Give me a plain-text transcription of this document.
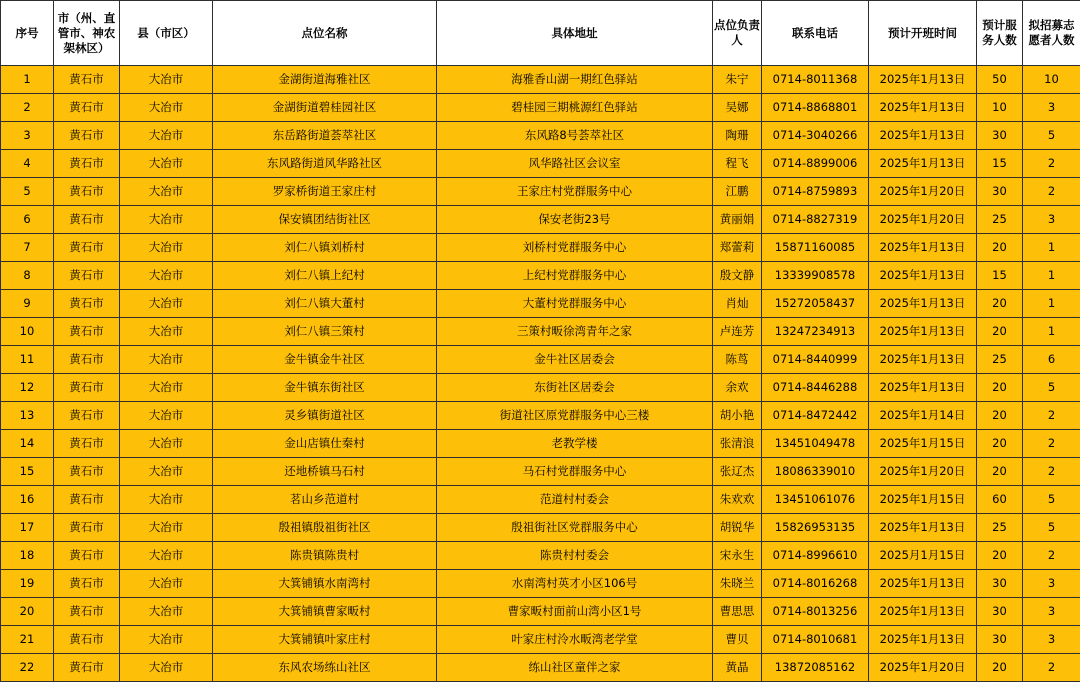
序号	市（州、直管市、神农架林区）	县（市区）	点位名称	具体地址	点位负责人	联系电话	预计开班时间	预计服务人数	拟招募志愿者人数
1	黄石市	大冶市	金湖街道海雅社区	海雅香山湖一期红色驿站	朱宁	0714-8011368	2025年1月13日	50	10
2	黄石市	大冶市	金湖街道碧桂园社区	碧桂园三期桃源红色驿站	吴娜	0714-8868801	2025年1月13日	10	3
3	黄石市	大冶市	东岳路街道荟萃社区	东风路8号荟萃社区	陶珊	0714-3040266	2025年1月13日	30	5
4	黄石市	大冶市	东风路街道风华路社区	风华路社区会议室	程飞	0714-8899006	2025年1月13日	15	2
5	黄石市	大冶市	罗家桥街道王家庄村	王家庄村党群服务中心	江鹏	0714-8759893	2025年1月20日	30	2
6	黄石市	大冶市	保安镇团结街社区	保安老街23号	黄丽娟	0714-8827319	2025年1月20日	25	3
7	黄石市	大冶市	刘仁八镇刘桥村	刘桥村党群服务中心	郑蕾莉	15871160085	2025年1月13日	20	1
8	黄石市	大冶市	刘仁八镇上纪村	上纪村党群服务中心	殷文静	13339908578	2025年1月13日	15	1
9	黄石市	大冶市	刘仁八镇大董村	大董村党群服务中心	肖灿	15272058437	2025年1月13日	20	1
10	黄石市	大冶市	刘仁八镇三策村	三策村畈徐湾青年之家	卢连芳	13247234913	2025年1月13日	20	1
11	黄石市	大冶市	金牛镇金牛社区	金牛社区居委会	陈茑	0714-8440999	2025年1月13日	25	6
12	黄石市	大冶市	金牛镇东街社区	东街社区居委会	余欢	0714-8446288	2025年1月13日	20	5
13	黄石市	大冶市	灵乡镇街道社区	街道社区原党群服务中心三楼	胡小艳	0714-8472442	2025年1月14日	20	2
14	黄石市	大冶市	金山店镇仕秦村	老教学楼	张清浪	13451049478	2025年1月15日	20	2
15	黄石市	大冶市	还地桥镇马石村	马石村党群服务中心	张辽杰	18086339010	2025年1月20日	20	2
16	黄石市	大冶市	茗山乡范道村	范道村村委会	朱欢欢	13451061076	2025年1月15日	60	5
17	黄石市	大冶市	殷祖镇殷祖街社区	殷祖街社区党群服务中心	胡锐华	15826953135	2025年1月13日	25	5
18	黄石市	大冶市	陈贵镇陈贵村	陈贵村村委会	宋永生	0714-8996610	2025月1月15日	20	2
19	黄石市	大冶市	大箕铺镇水南湾村	水南湾村英才小区106号	朱晓兰	0714-8016268	2025年1月13日	30	3
20	黄石市	大冶市	大箕铺镇曹家畈村	曹家畈村面前山湾小区1号	曹思思	0714-8013256	2025年1月13日	30	3
21	黄石市	大冶市	大箕铺镇叶家庄村	叶家庄村泠水畈湾老学堂	曹贝	0714-8010681	2025年1月13日	30	3
22	黄石市	大冶市	东风农场练山社区	练山社区童伴之家	黄晶	13872085162	2025年1月20日	20	2
